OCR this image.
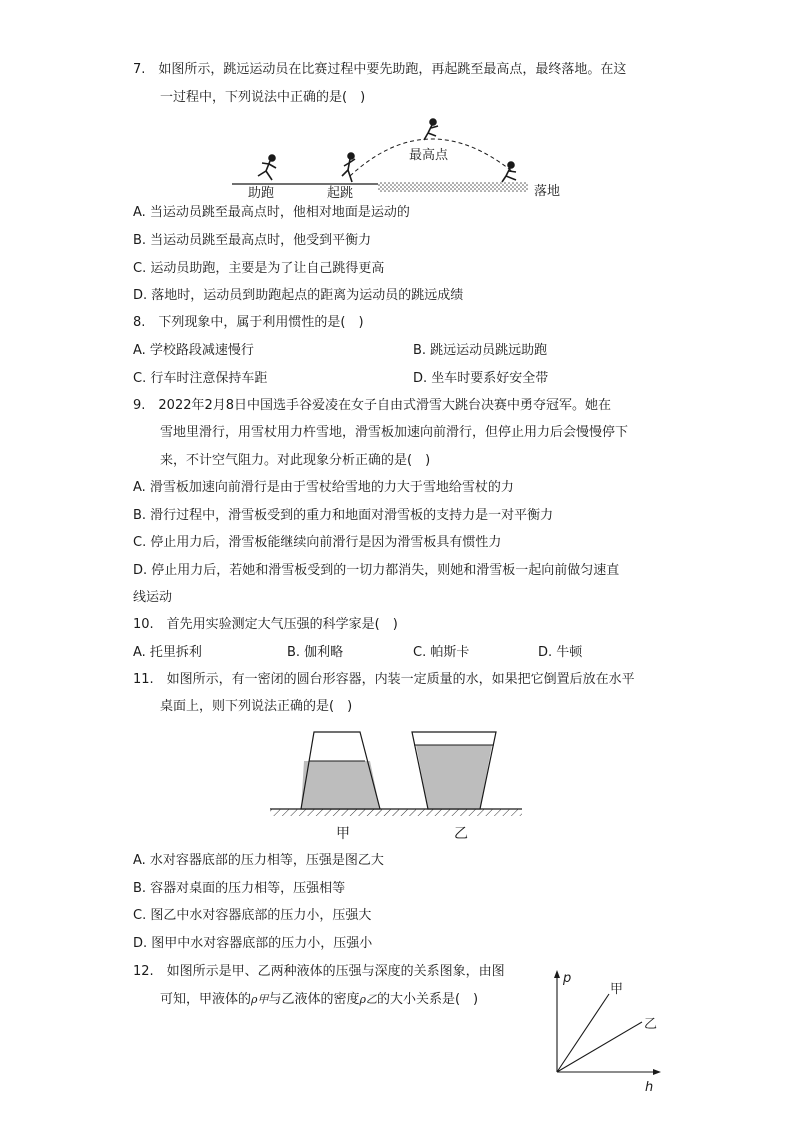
7.　如图所示，跳远运动员在比赛过程中要先助跑，再起跳至最高点，最终落地。在这
一过程中，下列说法中正确的是(　)
助跑	起跳
最高点
落地
A. 当运动员跳至最高点时，他相对地面是运动的
B. 当运动员跳至最高点时，他受到平衡力
C. 运动员助跑，主要是为了让自己跳得更高
D. 落地时，运动员到助跑起点的距离为运动员的跳远成绩
8.　下列现象中，属于利用惯性的是(　)
A. 学校路段减速慢行	B. 跳远运动员跳远助跑
C. 行车时注意保持车距	D. 坐车时要系好安全带
9.　2022年2月8日中国选手谷爱凌在女子自由式滑雪大跳台决赛中勇夺冠军。她在
雪地里滑行，用雪杖用力杵雪地，滑雪板加速向前滑行，但停止用力后会慢慢停下
来，不计空气阻力。对此现象分析正确的是(　)
A. 滑雪板加速向前滑行是由于雪杖给雪地的力大于雪地给雪杖的力
B. 滑行过程中，滑雪板受到的重力和地面对滑雪板的支持力是一对平衡力
C. 停止用力后，滑雪板能继续向前滑行是因为滑雪板具有惯性力
D. 停止用力后，若她和滑雪板受到的一切力都消失，则她和滑雪板一起向前做匀速直
线运动
10.　首先用实验测定大气压强的科学家是(　)
A. 托里拆利	B. 伽利略	C. 帕斯卡	D. 牛顿
11.　如图所示，有一密闭的圆台形容器，内装一定质量的水，如果把它倒置后放在水平
桌面上，则下列说法正确的是(　)
甲	乙
A. 水对容器底部的压力相等，压强是图乙大
B. 容器对桌面的压力相等，压强相等
C. 图乙中水对容器底部的压力小，压强大
D. 图甲中水对容器底部的压力小，压强小
12.　如图所示是甲、乙两种液体的压强与深度的关系图象，由图
可知，甲液体的ρ甲与乙液体的密度ρ乙的大小关系是(　)
p
h
甲
乙
